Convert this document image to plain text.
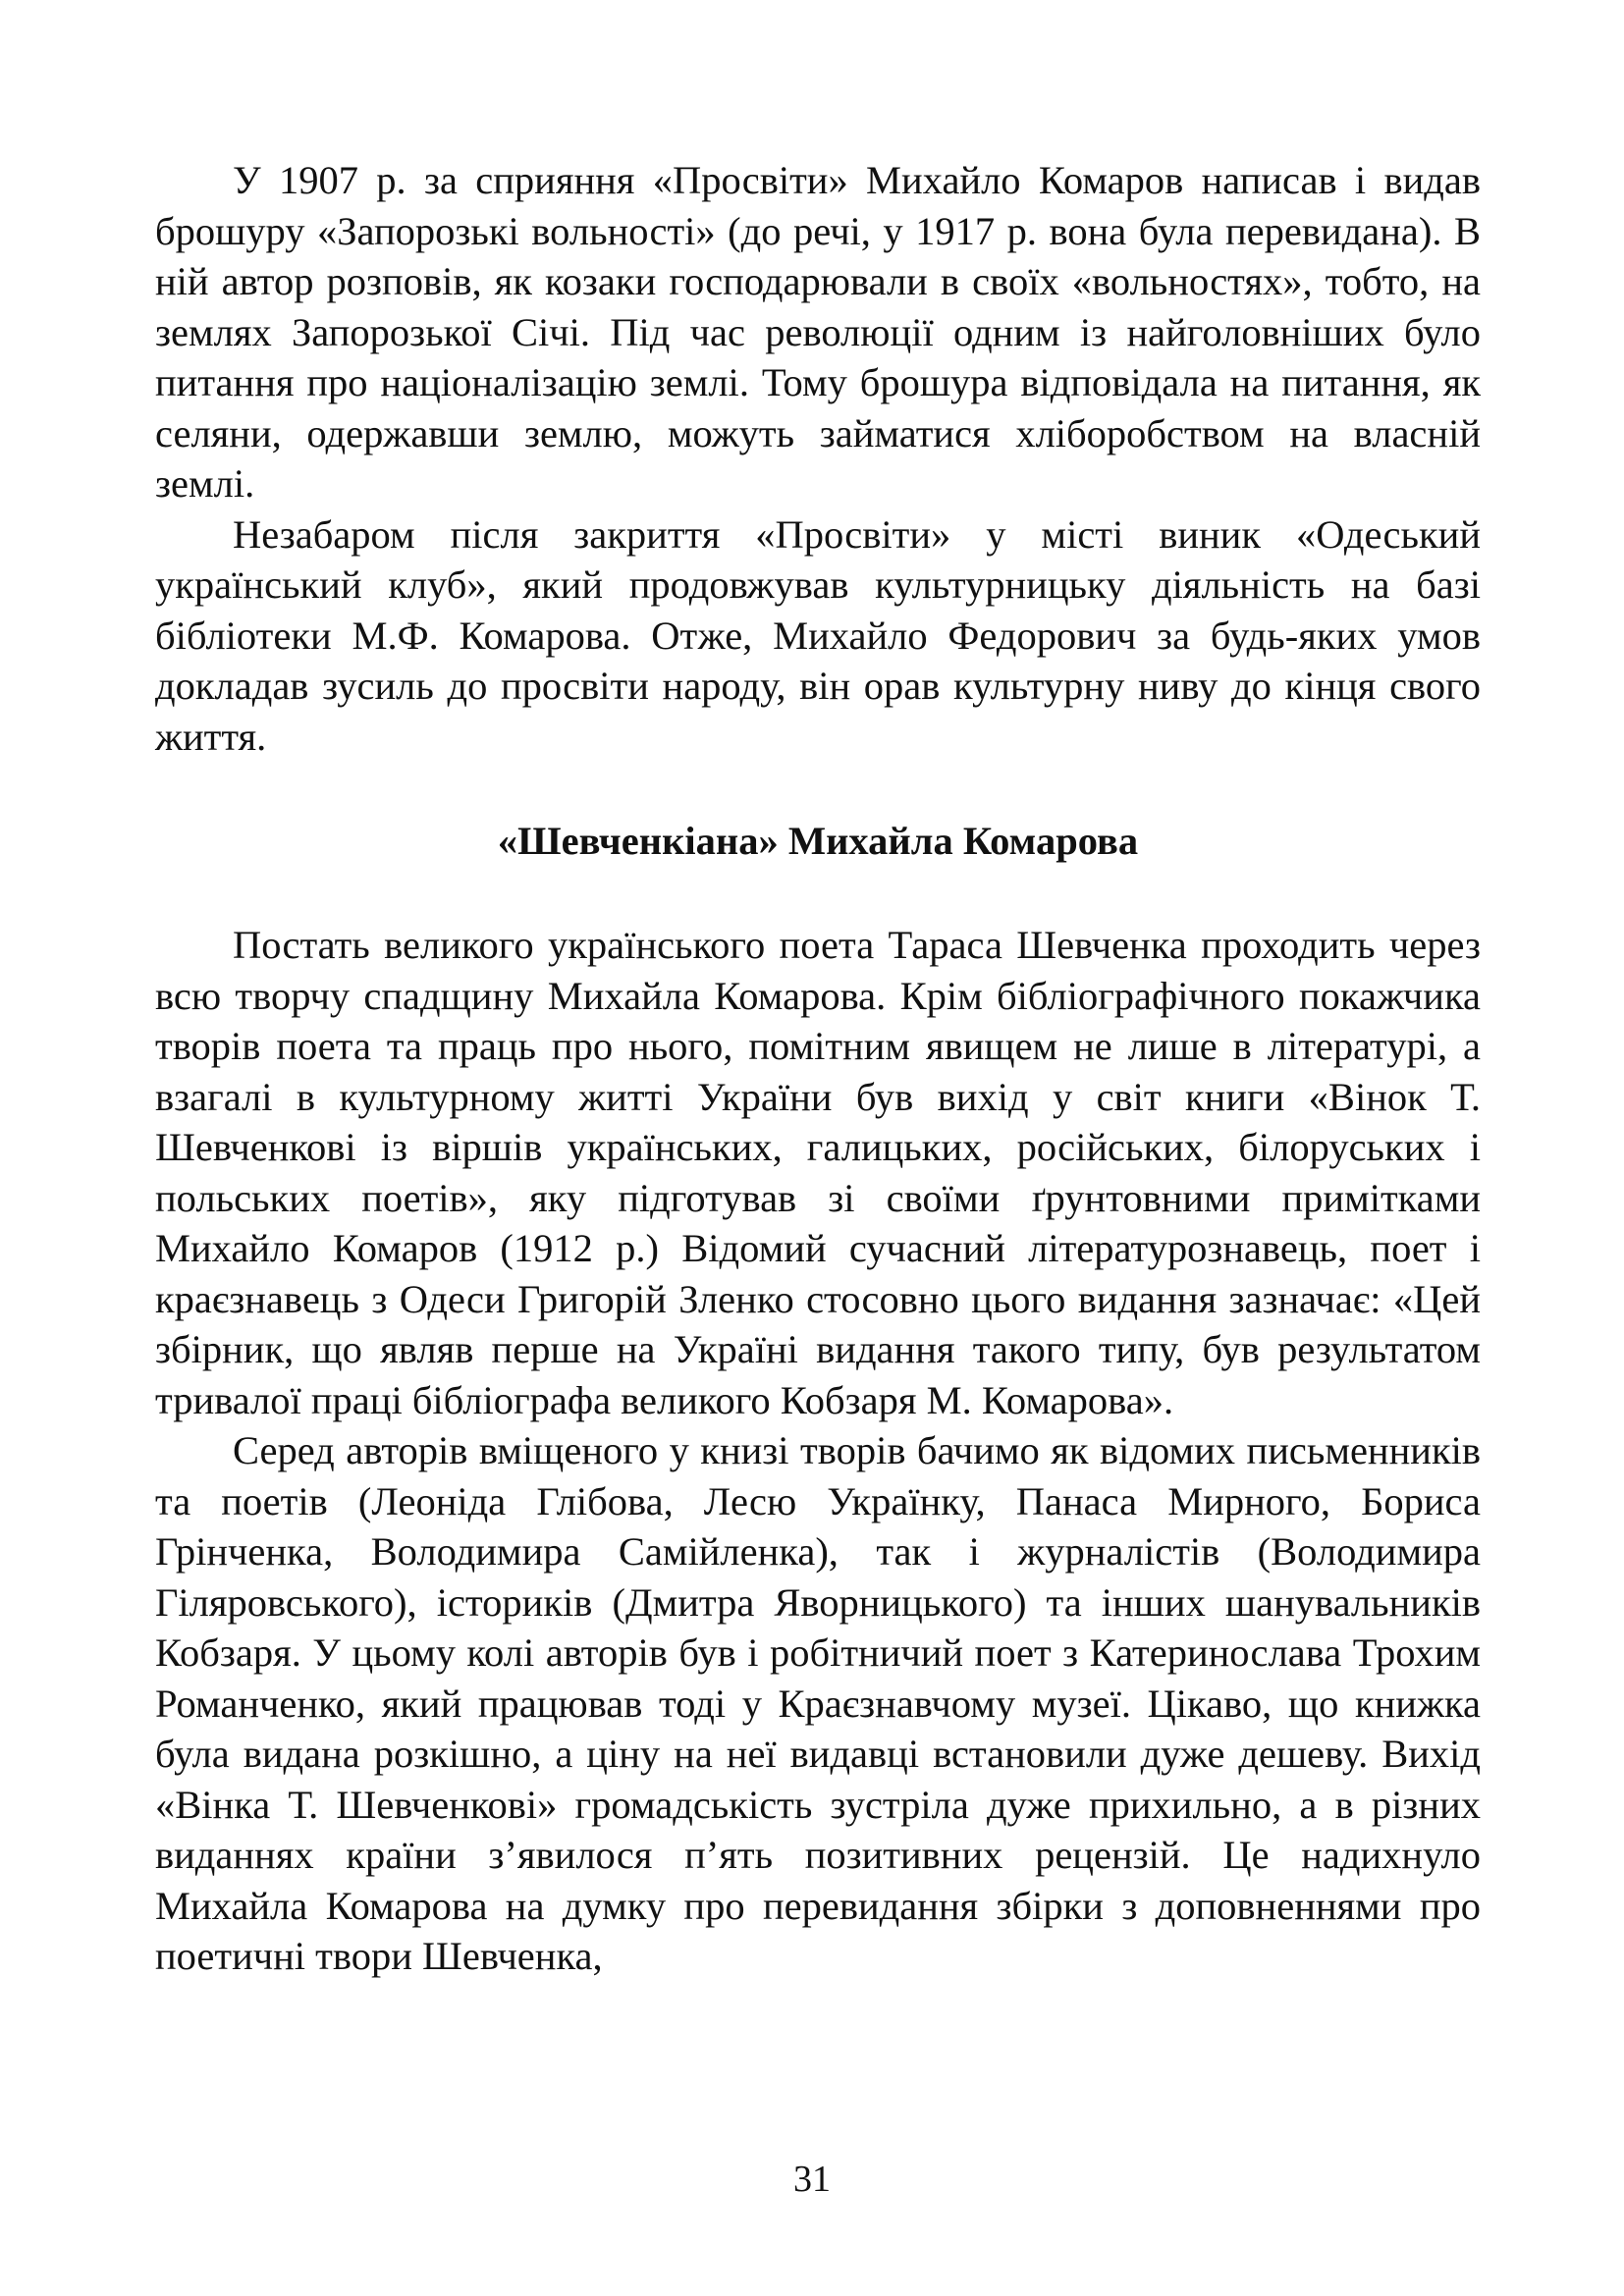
У 1907 р. за сприяння «Просвіти» Михайло Комаров написав і видав брошуру «Запорозькі вольності» (до речі, у 1917 р. вона була перевидана). В ній автор розповів, як козаки господарювали в своїх «вольностях», тобто, на землях Запорозької Січі. Під час революції одним із найголовніших було питання про націоналізацію землі. Тому брошура відповідала на питання, як селяни, одержавши землю, можуть займатися хліборобством на власній землі.

Незабаром після закриття «Просвіти» у місті виник «Одеський український клуб», який продовжував культурницьку діяльність на базі бібліотеки М.Ф. Комарова. Отже, Михайло Федорович за будь-яких умов докладав зусиль до просвіти народу, він орав культурну ниву до кінця свого життя.

«Шевченкіана» Михайла Комарова

Постать великого українського поета Тараса Шевченка проходить через всю творчу спадщину Михайла Комарова. Крім бібліографічного покажчика творів поета та праць про нього, помітним явищем не лише в літературі, а взагалі в культурному житті України був вихід у світ книги «Вінок Т. Шевченкові із віршів українських, галицьких, російських, білоруських і польських поетів», яку підготував зі своїми ґрунтовними примітками Михайло Комаров (1912 р.) Відомий сучасний літературознавець, поет і краєзнавець з Одеси Григорій Зленко стосовно цього видання зазначає: «Цей збірник, що являв перше на Україні видання такого типу, був результатом тривалої праці бібліографа великого Кобзаря М. Комарова».

Серед авторів вміщеного у книзі творів бачимо як відомих письменників та поетів (Леоніда Глібова, Лесю Українку, Панаса Мирного, Бориса Грінченка, Володимира Самійленка), так і журналістів (Володимира Гіляровського), істориків (Дмитра Яворницького) та інших шанувальників Кобзаря. У цьому колі авторів був і робітничий поет з Катеринослава Трохим Романченко, який працював тоді у Краєзнавчому музеї. Цікаво, що книжка була видана розкішно, а ціну на неї видавці встановили дуже дешеву. Вихід «Вінка Т. Шевченкові» громадськість зустріла дуже прихильно, а в різних виданнях країни з’явилося п’ять позитивних рецензій. Це надихнуло Михайла Комарова на думку про перевидання збірки з доповненнями про поетичні твори Шевченка,

31
